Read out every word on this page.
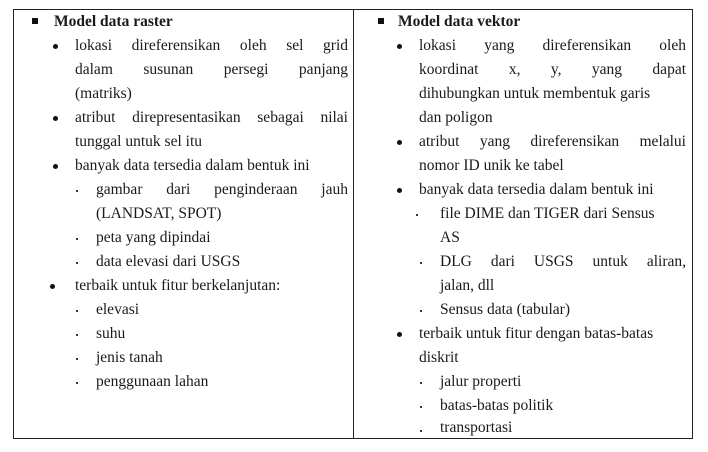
Model data raster
lokasi direferensikan oleh sel grid
dalam susunan persegi panjang
(matriks)
atribut direpresentasikan sebagai nilai
tunggal untuk sel itu
banyak data tersedia dalam bentuk ini
gambar dari penginderaan jauh
(LANDSAT, SPOT)
peta yang dipindai
data elevasi dari USGS
terbaik untuk fitur berkelanjutan:
elevasi
suhu
jenis tanah
penggunaan lahan
Model data vektor
lokasi yang direferensikan oleh
koordinat x, y, yang dapat
dihubungkan untuk membentuk garis
dan poligon
atribut yang direferensikan melalui
nomor ID unik ke tabel
banyak data tersedia dalam bentuk ini
file DIME dan TIGER dari Sensus
AS
DLG dari USGS untuk aliran,
jalan, dll
Sensus data (tabular)
terbaik untuk fitur dengan batas-batas
diskrit
jalur properti
batas-batas politik
transportasi
